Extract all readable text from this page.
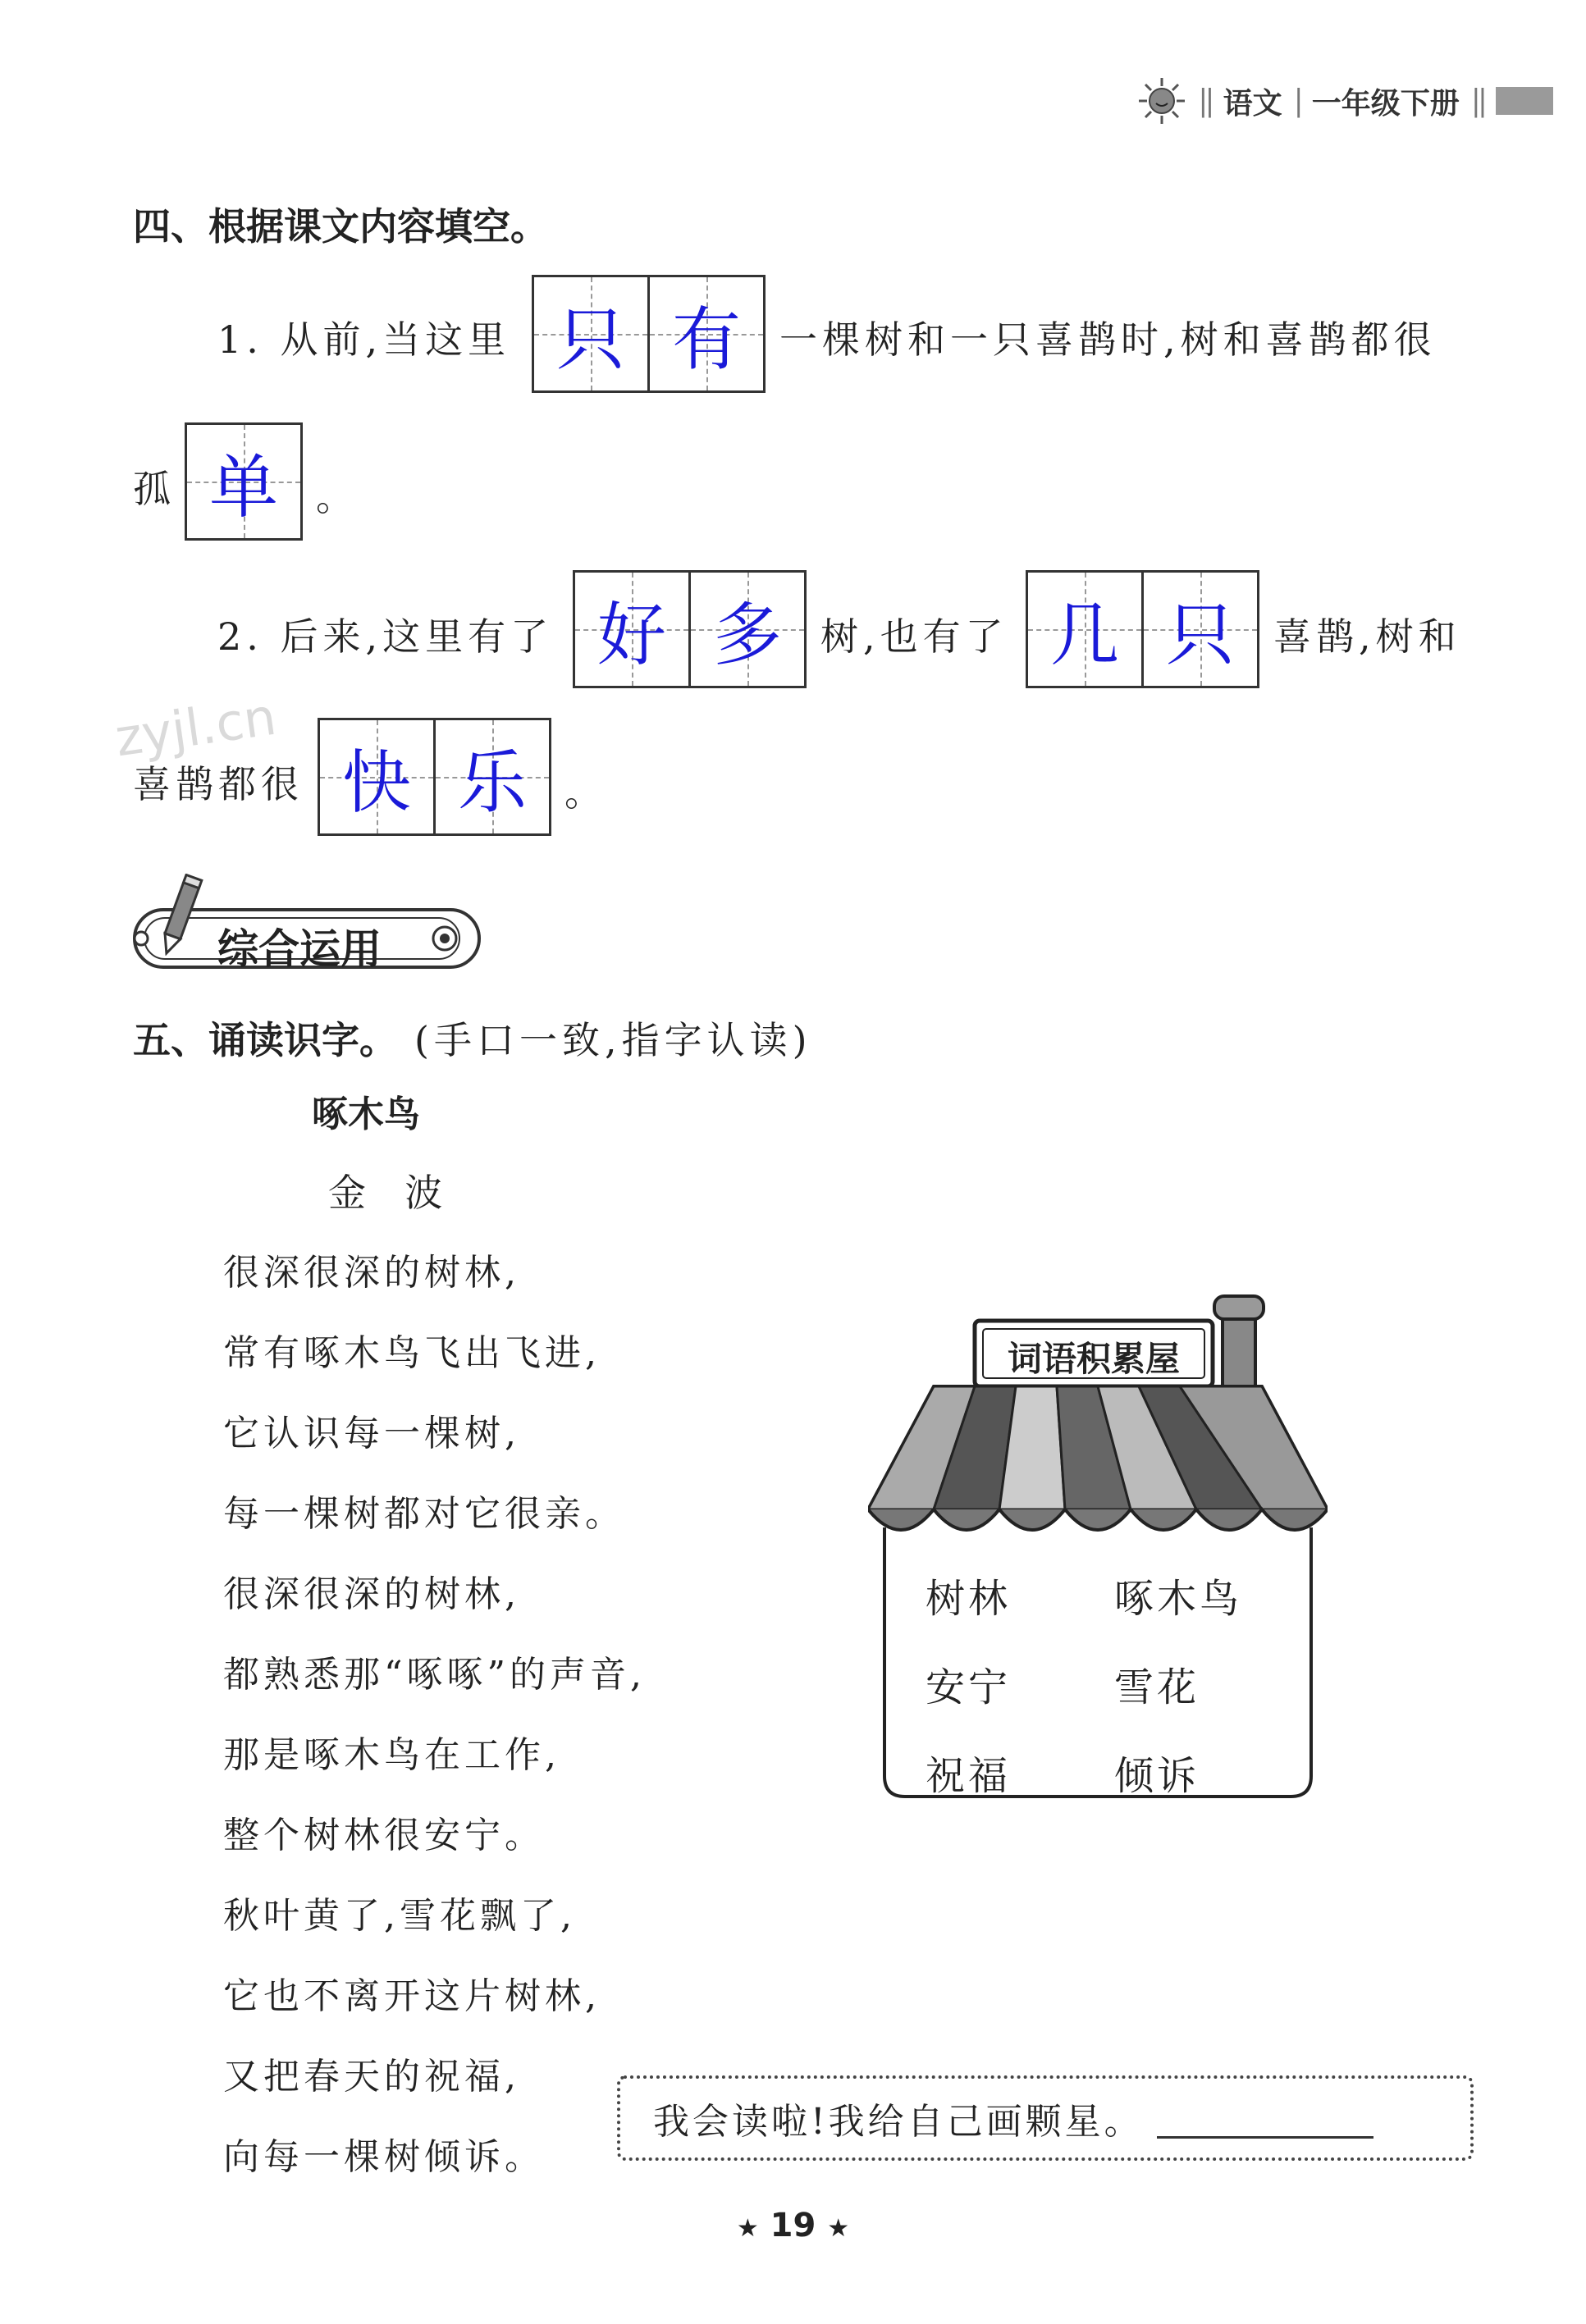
|| 语文 | 一年级下册 ||
四、根据课文内容填空。
1. 从前,当这里 只 有 一棵树和一只喜鹊时,树和喜鹊都很
孤 单 。
2. 后来,这里有了 好 多 树,也有了 几 只 喜鹊,树和
zyjl.cn
喜鹊都很 快 乐 。
综合运用
五、诵读识字。 (手口一致,指字认读)
啄木鸟
金  波
很深很深的树林,
常有啄木鸟飞出飞进,
它认识每一棵树,
每一棵树都对它很亲。
很深很深的树林,
都熟悉那“啄啄”的声音,
那是啄木鸟在工作,
整个树林很安宁。
秋叶黄了,雪花飘了,
它也不离开这片树林,
又把春天的祝福,
向每一棵树倾诉。
词语积累屋
树林	啄木鸟
安宁	雪花
祝福	倾诉
我会读啦!我给自己画颗星。
★ 19 ★
